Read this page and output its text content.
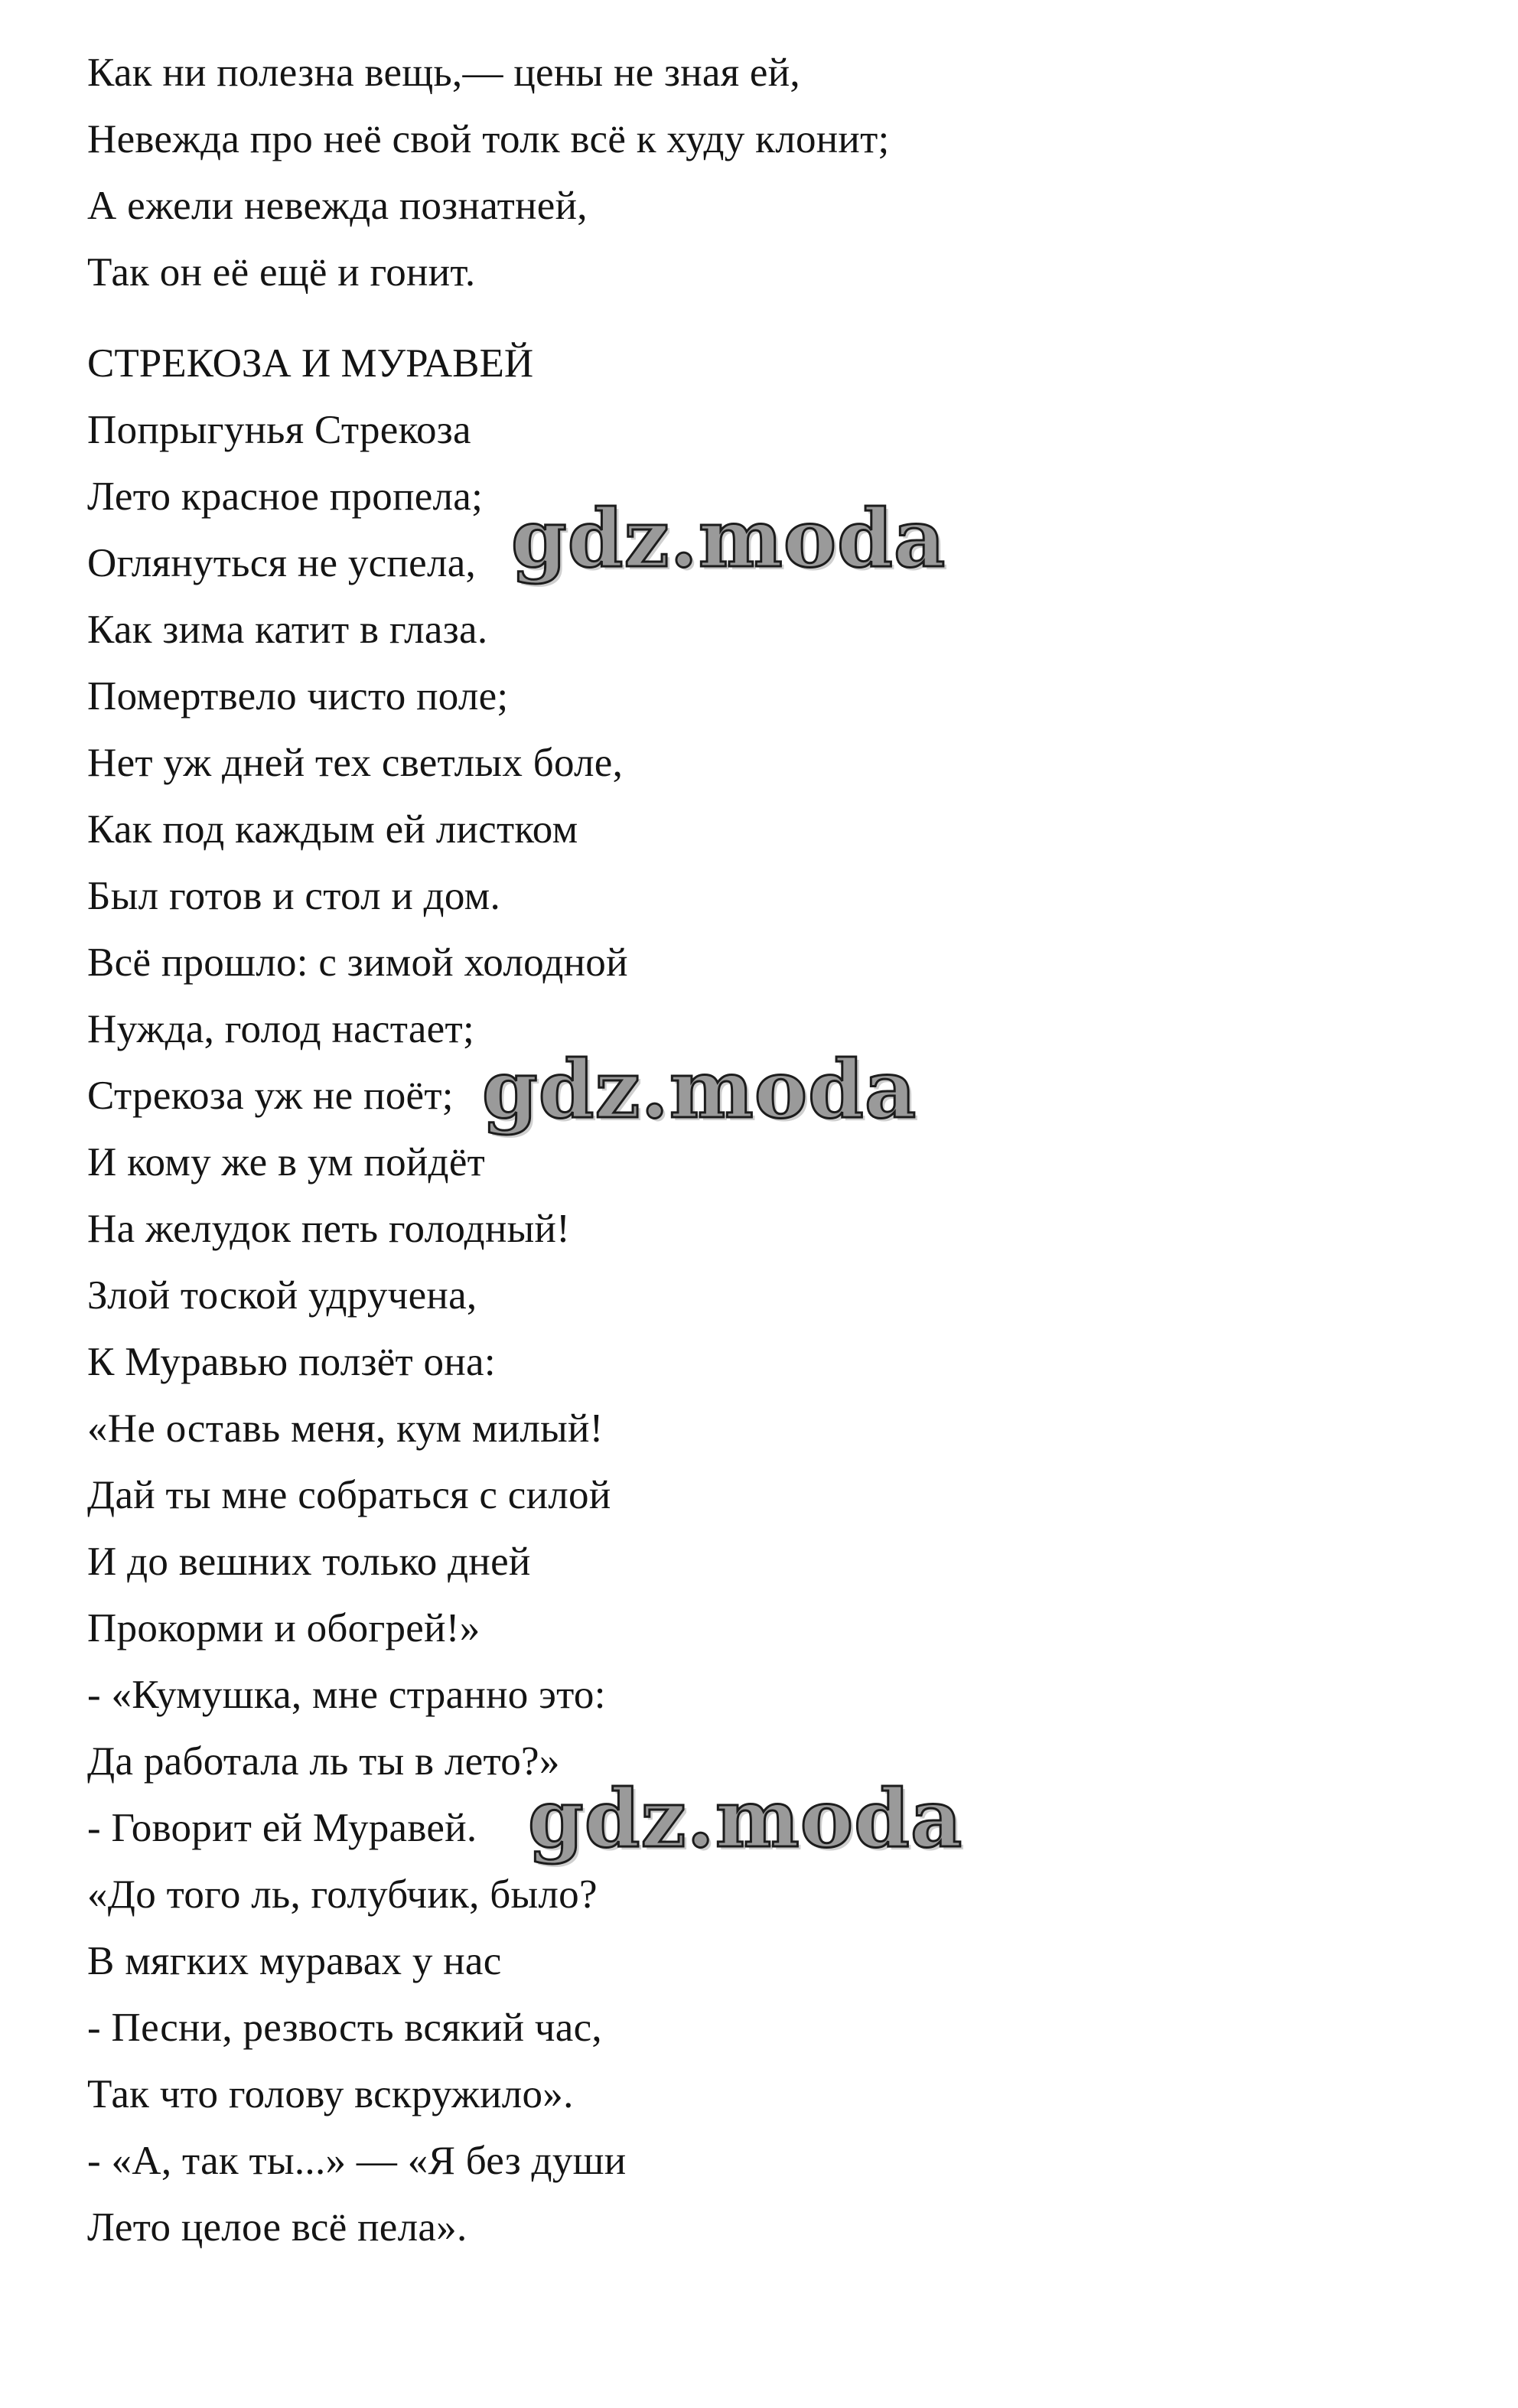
Как ни полезна вещь,— цены не зная ей,
Невежда про неё свой толк всё к худу клонит;
А ежели невежда познатней,
Так он её ещё и гонит.
СТРЕКОЗА И МУРАВЕЙ
Попрыгунья Стрекоза
Лето красное пропела;
Оглянуться не успела,
Как зима катит в глаза.
Помертвело чисто поле;
Нет уж дней тех светлых боле,
Как под каждым ей листком
Был готов и стол и дом.
Всё прошло: с зимой холодной
Нужда, голод настает;
Стрекоза уж не поёт;
И кому же в ум пойдёт
На желудок петь голодный!
Злой тоской удручена,
К Муравью ползёт она:
«Не оставь меня, кум милый!
Дай ты мне собраться с силой
И до вешних только дней
Прокорми и обогрей!»
- «Кумушка, мне странно это:
Да работала ль ты в лето?»
- Говорит ей Муравей.
«До того ль, голубчик, было?
В мягких муравах у нас
- Песни, резвость всякий час,
Так что голову вскружило».
- «А, так ты...» — «Я без души
Лето целое всё пела».
gdz.moda
gdz.moda
gdz.moda
